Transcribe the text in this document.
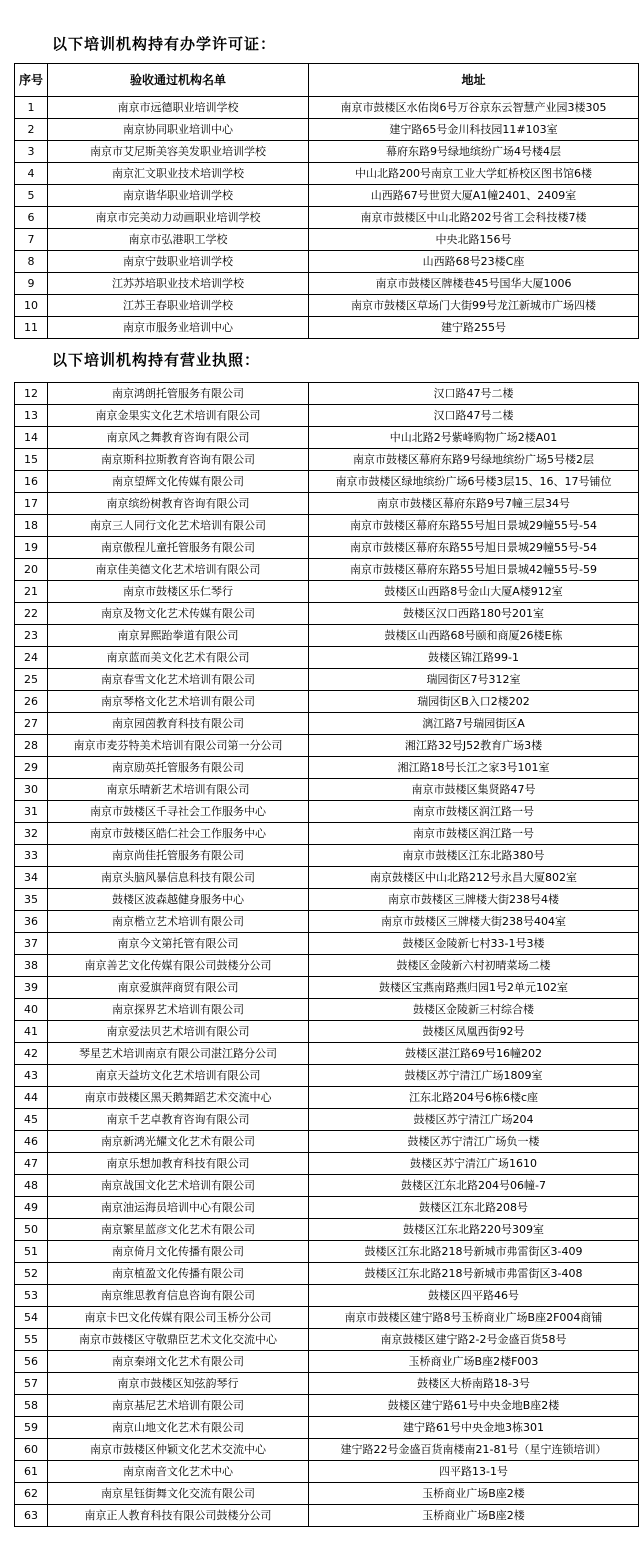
以下培训机构持有办学许可证：
序号	验收通过机构名单	地址
1	南京市远德职业培训学校	南京市鼓楼区水佑岗6号万谷京东云智慧产业园3楼305
2	南京协同职业培训中心	建宁路65号金川科技园11#103室
3	南京市艾尼斯美容美发职业培训学校	幕府东路9号绿地缤纷广场4号楼4层
4	南京汇文职业技术培训学校	中山北路200号南京工业大学虹桥校区图书馆6楼
5	南京谐华职业培训学校	山西路67号世贸大厦A1幢2401、2409室
6	南京市完美动力动画职业培训学校	南京市鼓楼区中山北路202号省工会科技楼7楼
7	南京市弘港职工学校	中央北路156号
8	南京宁鼓职业培训学校	山西路68号23楼C座
9	江苏苏培职业技术培训学校	南京市鼓楼区牌楼巷45号国华大厦1006
10	江苏王春职业培训学校	南京市鼓楼区草场门大街99号龙江新城市广场四楼
11	南京市服务业培训中心	建宁路255号
以下培训机构持有营业执照：
12	南京鸿朗托管服务有限公司	汉口路47号二楼
13	南京金果实文化艺术培训有限公司	汉口路47号二楼
14	南京风之舞教育咨询有限公司	中山北路2号紫峰购物广场2楼A01
15	南京斯科拉斯教育咨询有限公司	南京市鼓楼区幕府东路9号绿地缤纷广场5号楼2层
16	南京望辉文化传媒有限公司	南京市鼓楼区绿地缤纷广场6号楼3层15、16、17号铺位
17	南京缤纷树教育咨询有限公司	南京市鼓楼区幕府东路9号7幢三层34号
18	南京三人同行文化艺术培训有限公司	南京市鼓楼区幕府东路55号旭日景城29幢55号-54
19	南京傲程儿童托管服务有限公司	南京市鼓楼区幕府东路55号旭日景城29幢55号-54
20	南京佳美德文化艺术培训有限公司	南京市鼓楼区幕府东路55号旭日景城42幢55号-59
21	南京市鼓楼区乐仁琴行	鼓楼区山西路8号金山大厦A楼912室
22	南京及物文化艺术传媒有限公司	鼓楼区汉口西路180号201室
23	南京昇熙跆拳道有限公司	鼓楼区山西路68号颐和商厦26楼E栋
24	南京蓝而美文化艺术有限公司	鼓楼区锦江路99-1
25	南京春雪文化艺术培训有限公司	瑞园街区7号312室
26	南京琴格文化艺术培训有限公司	瑞园街区B入口2楼202
27	南京园茵教育科技有限公司	漓江路7号瑞园街区A
28	南京市麦芬特美术培训有限公司第一分公司	湘江路32号J52教育广场3楼
29	南京励英托管服务有限公司	湘江路18号长江之家3号101室
30	南京乐晴新艺术培训有限公司	南京市鼓楼区集贤路47号
31	南京市鼓楼区千寻社会工作服务中心	南京市鼓楼区润江路一号
32	南京市鼓楼区皓仁社会工作服务中心	南京市鼓楼区润江路一号
33	南京尚佳托管服务有限公司	南京市鼓楼区江东北路380号
34	南京头脑风暴信息科技有限公司	南京鼓楼区中山北路212号永昌大厦802室
35	鼓楼区波森越健身服务中心	南京市鼓楼区三牌楼大街238号4楼
36	南京楷立艺术培训有限公司	南京市鼓楼区三牌楼大街238号404室
37	南京今文第托管有限公司	鼓楼区金陵新七村33-1号3楼
38	南京善艺文化传媒有限公司鼓楼分公司	鼓楼区金陵新六村初晴菜场二楼
39	南京爱旗萍商贸有限公司	鼓楼区宝燕南路燕归园1号2单元102室
40	南京探界艺术培训有限公司	鼓楼区金陵新三村综合楼
41	南京爱法贝艺术培训有限公司	鼓楼区凤凰西街92号
42	琴星艺术培训南京有限公司湛江路分公司	鼓楼区湛江路69号16幢202
43	南京天益坊文化艺术培训有限公司	鼓楼区苏宁清江广场1809室
44	南京市鼓楼区黑天鹅舞蹈艺术交流中心	江东北路204号6栋6楼c座
45	南京千艺卓教育咨询有限公司	鼓楼区苏宁清江广场204
46	南京新鸿光耀文化艺术有限公司	鼓楼区苏宁清江广场负一楼
47	南京乐想加教育科技有限公司	鼓楼区苏宁清江广场1610
48	南京战国文化艺术培训有限公司	鼓楼区江东北路204号06幢-7
49	南京油运海员培训中心有限公司	鼓楼区江东北路208号
50	南京繁星蓝彦文化艺术有限公司	鼓楼区江东北路220号309室
51	南京倚月文化传播有限公司	鼓楼区江东北路218号新城市弗雷街区3-409
52	南京植盈文化传播有限公司	鼓楼区江东北路218号新城市弗雷街区3-408
53	南京维思教育信息咨询有限公司	鼓楼区四平路46号
54	南京卡巴文化传媒有限公司玉桥分公司	南京市鼓楼区建宁路8号玉桥商业广场B座2F004商铺
55	南京市鼓楼区守敬鼎臣艺术文化交流中心	南京鼓楼区建宁路2-2号金盛百货58号
56	南京秦翊文化艺术有限公司	玉桥商业广场B座2楼F003
57	南京市鼓楼区知弦韵琴行	鼓楼区大桥南路18-3号
58	南京基尼艺术培训有限公司	鼓楼区建宁路61号中央金地B座2楼
59	南京山地文化艺术有限公司	建宁路61号中央金地3栋301
60	南京市鼓楼区仲颖文化艺术交流中心	建宁路22号金盛百货南楼南21-81号（星宁连锁培训）
61	南京南音文化艺术中心	四平路13-1号
62	南京星钰街舞文化交流有限公司	玉桥商业广场B座2楼
63	南京正人教育科技有限公司鼓楼分公司	玉桥商业广场B座2楼
